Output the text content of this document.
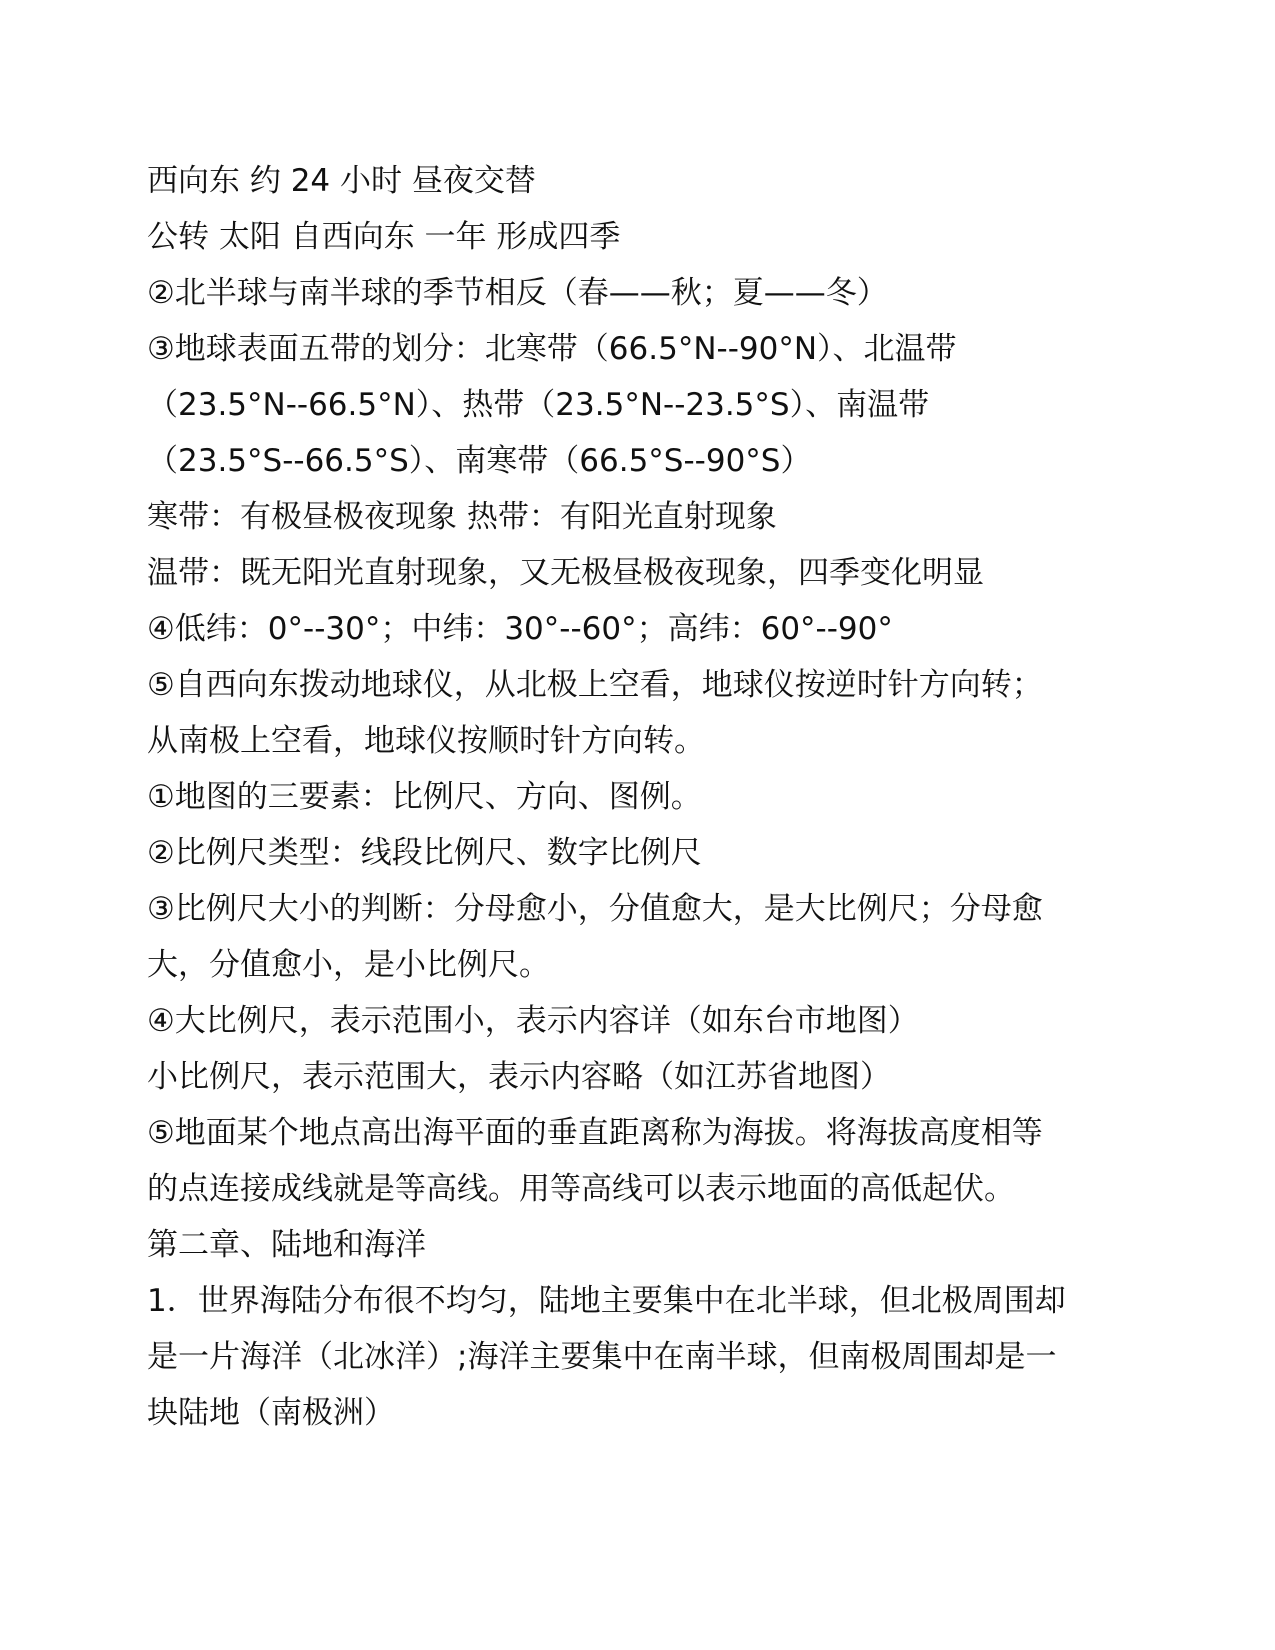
西向东 约 24 小时 昼夜交替
公转 太阳 自西向东 一年 形成四季
②北半球与南半球的季节相反（春——秋；夏——冬）
③地球表面五带的划分：北寒带（66.5°N--90°N）、北温带
（23.5°N--66.5°N）、热带（23.5°N--23.5°S）、南温带
（23.5°S--66.5°S）、南寒带（66.5°S--90°S）
寒带：有极昼极夜现象 热带：有阳光直射现象
温带：既无阳光直射现象，又无极昼极夜现象，四季变化明显
④低纬：0°--30°；中纬：30°--60°；高纬：60°--90°
⑤自西向东拨动地球仪，从北极上空看，地球仪按逆时针方向转；
从南极上空看，地球仪按顺时针方向转。
①地图的三要素：比例尺、方向、图例。
②比例尺类型：线段比例尺、数字比例尺
③比例尺大小的判断：分母愈小，分值愈大，是大比例尺；分母愈
大，分值愈小，是小比例尺。
④大比例尺，表示范围小，表示内容详（如东台市地图）
小比例尺，表示范围大，表示内容略（如江苏省地图）
⑤地面某个地点高出海平面的垂直距离称为海拔。将海拔高度相等
的点连接成线就是等高线。用等高线可以表示地面的高低起伏。
第二章、陆地和海洋
1．世界海陆分布很不均匀，陆地主要集中在北半球，但北极周围却
是一片海洋（北冰洋）;海洋主要集中在南半球，但南极周围却是一
块陆地（南极洲）
